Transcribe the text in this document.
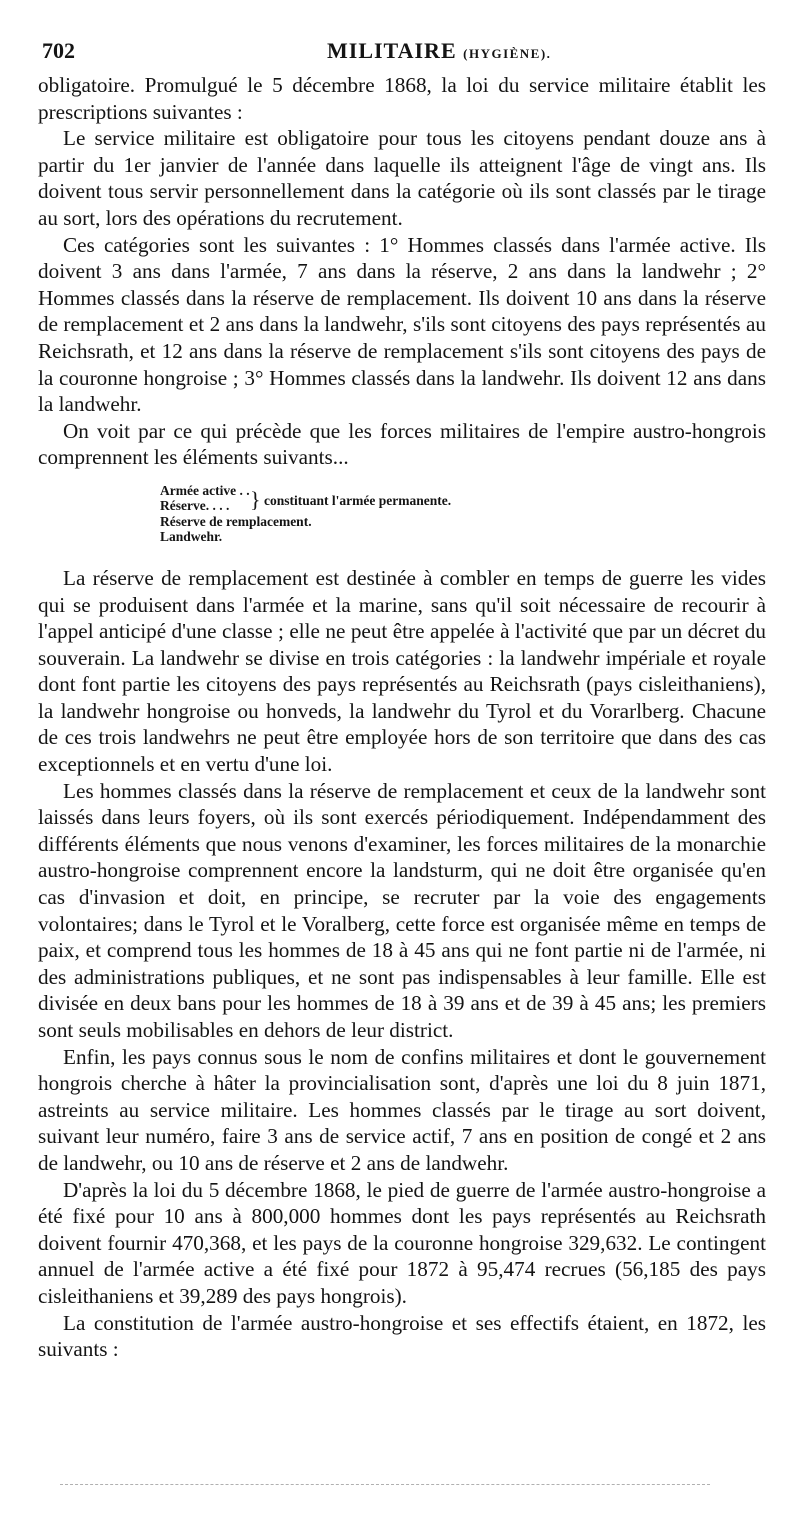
702	MILITAIRE (HYGIÈNE).

obligatoire. Promulgué le 5 décembre 1868, la loi du service militaire établit les prescriptions suivantes :

Le service militaire est obligatoire pour tous les citoyens pendant douze ans à partir du 1er janvier de l'année dans laquelle ils atteignent l'âge de vingt ans. Ils doivent tous servir personnellement dans la catégorie où ils sont classés par le tirage au sort, lors des opérations du recrutement.

Ces catégories sont les suivantes : 1° Hommes classés dans l'armée active. Ils doivent 3 ans dans l'armée, 7 ans dans la réserve, 2 ans dans la landwehr ; 2° Hommes classés dans la réserve de remplacement. Ils doivent 10 ans dans la réserve de remplacement et 2 ans dans la landwehr, s'ils sont citoyens des pays représentés au Reichsrath, et 12 ans dans la réserve de remplacement s'ils sont citoyens des pays de la couronne hongroise ; 3° Hommes classés dans la landwehr. Ils doivent 12 ans dans la landwehr.

On voit par ce qui précède que les forces militaires de l'empire austro-hongrois comprennent les éléments suivants...

Armée active . .
Réserve. . . . } constituant l'armée permanente.
Réserve de remplacement.
Landwehr.

La réserve de remplacement est destinée à combler en temps de guerre les vides qui se produisent dans l'armée et la marine, sans qu'il soit nécessaire de recourir à l'appel anticipé d'une classe ; elle ne peut être appelée à l'activité que par un décret du souverain. La landwehr se divise en trois catégories : la landwehr impériale et royale dont font partie les citoyens des pays représentés au Reichsrath (pays cisleithaniens), la landwehr hongroise ou honveds, la landwehr du Tyrol et du Vorarlberg. Chacune de ces trois landwehrs ne peut être employée hors de son territoire que dans des cas exceptionnels et en vertu d'une loi.

Les hommes classés dans la réserve de remplacement et ceux de la landwehr sont laissés dans leurs foyers, où ils sont exercés périodiquement. Indépendamment des différents éléments que nous venons d'examiner, les forces militaires de la monarchie austro-hongroise comprennent encore la landsturm, qui ne doit être organisée qu'en cas d'invasion et doit, en principe, se recruter par la voie des engagements volontaires; dans le Tyrol et le Voralberg, cette force est organisée même en temps de paix, et comprend tous les hommes de 18 à 45 ans qui ne font partie ni de l'armée, ni des administrations publiques, et ne sont pas indispensables à leur famille. Elle est divisée en deux bans pour les hommes de 18 à 39 ans et de 39 à 45 ans; les premiers sont seuls mobilisables en dehors de leur district.

Enfin, les pays connus sous le nom de confins militaires et dont le gouvernement hongrois cherche à hâter la provincialisation sont, d'après une loi du 8 juin 1871, astreints au service militaire. Les hommes classés par le tirage au sort doivent, suivant leur numéro, faire 3 ans de service actif, 7 ans en position de congé et 2 ans de landwehr, ou 10 ans de réserve et 2 ans de landwehr.

D'après la loi du 5 décembre 1868, le pied de guerre de l'armée austro-hongroise a été fixé pour 10 ans à 800,000 hommes dont les pays représentés au Reichsrath doivent fournir 470,368, et les pays de la couronne hongroise 329,632. Le contingent annuel de l'armée active a été fixé pour 1872 à 95,474 recrues (56,185 des pays cisleithaniens et 39,289 des pays hongrois).

La constitution de l'armée austro-hongroise et ses effectifs étaient, en 1872, les suivants :
